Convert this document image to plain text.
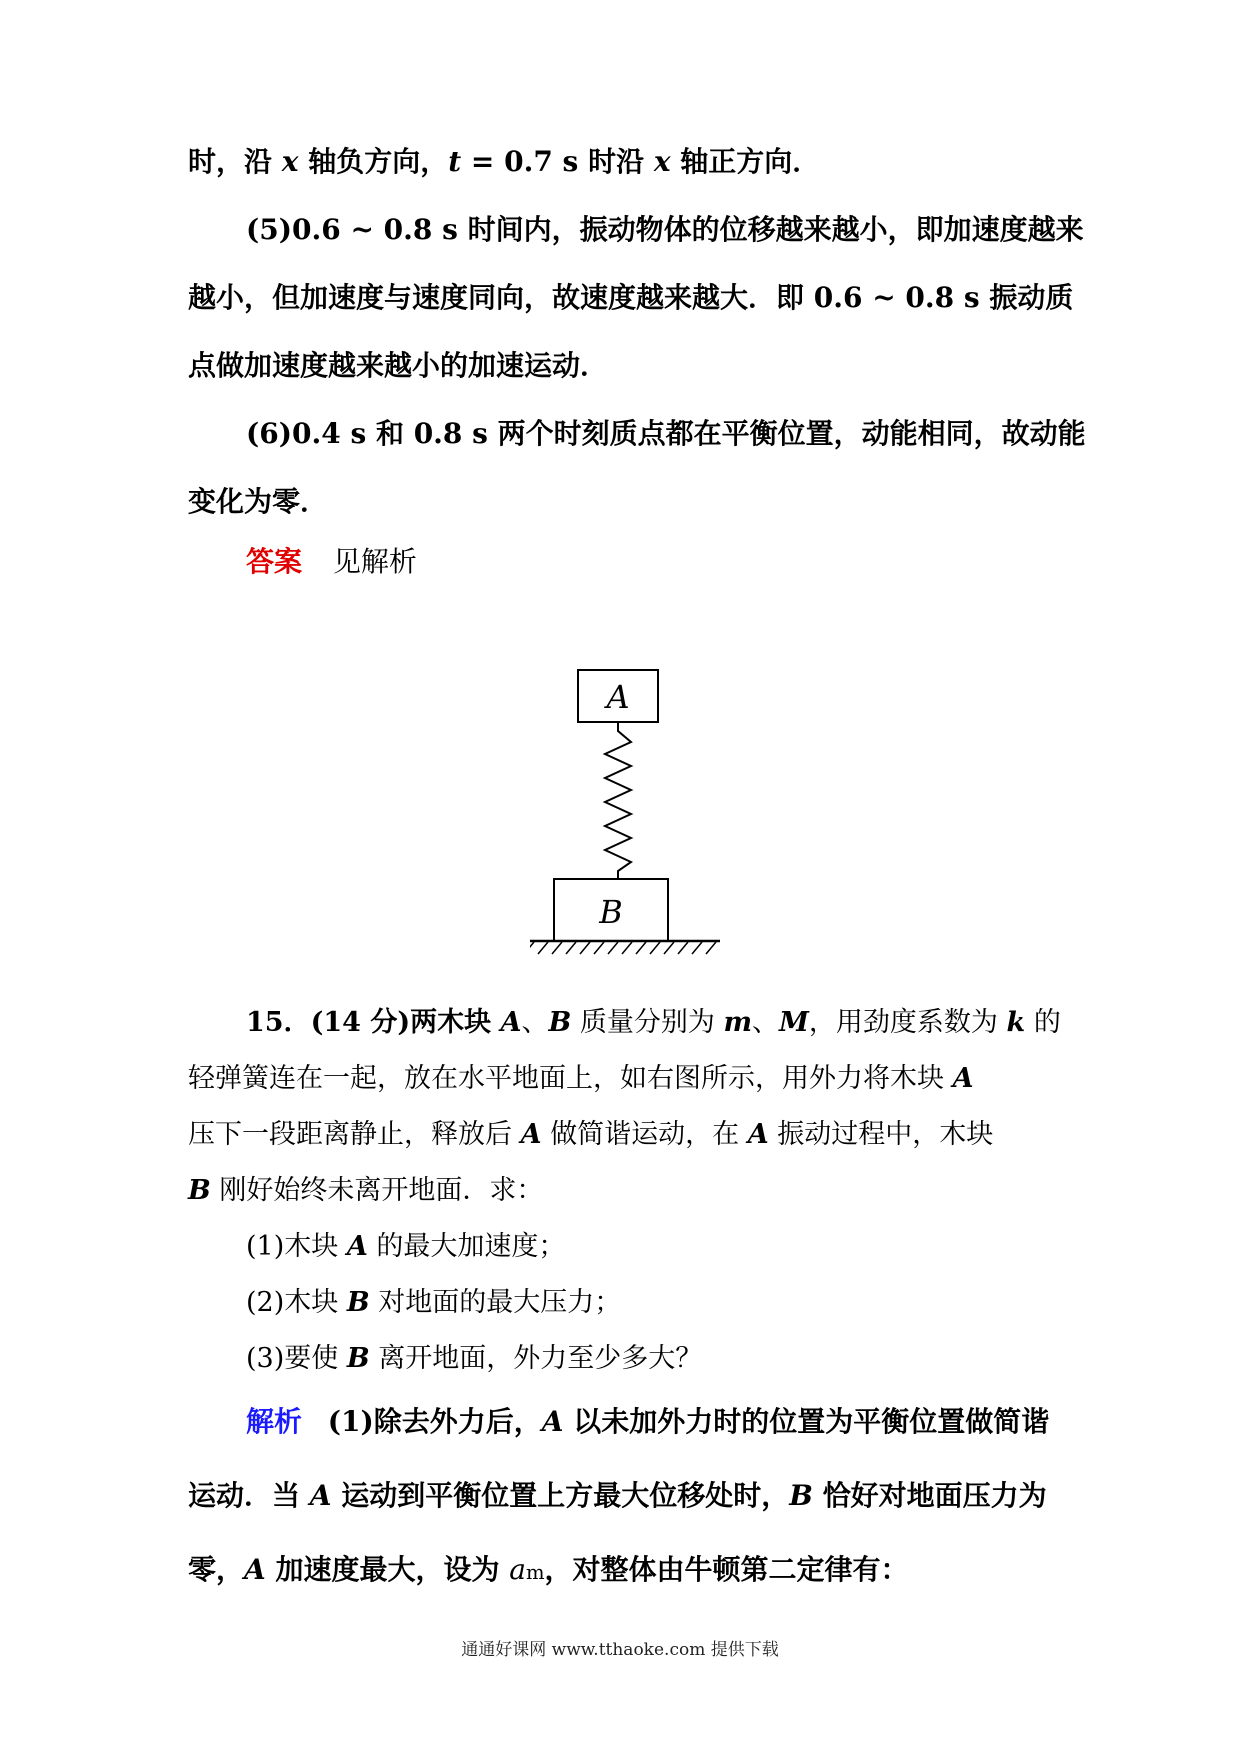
时，沿 x 轴负方向，t = 0.7 s 时沿 x 轴正方向．
(5)0.6 ~ 0.8 s 时间内，振动物体的位移越来越小，即加速度越来
越小，但加速度与速度同向，故速度越来越大．即 0.6 ~ 0.8 s 振动质
点做加速度越来越小的加速运动．
(6)0.4 s 和 0.8 s 两个时刻质点都在平衡位置，动能相同，故动能
变化为零．
答案 见解析
A
B
15．(14 分)两木块 A、B 质量分别为 m、M，用劲度系数为 k 的
轻弹簧连在一起，放在水平地面上，如右图所示，用外力将木块 A
压下一段距离静止，释放后 A 做简谐运动，在 A 振动过程中，木块
B 刚好始终未离开地面．求：
(1)木块 A 的最大加速度；
(2)木块 B 对地面的最大压力；
(3)要使 B 离开地面，外力至少多大？
解析 (1)除去外力后，A 以未加外力时的位置为平衡位置做简谐
运动．当 A 运动到平衡位置上方最大位移处时，B 恰好对地面压力为
零，A 加速度最大，设为 am，对整体由牛顿第二定律有：
通通好课网 www.tthaoke.com 提供下载
